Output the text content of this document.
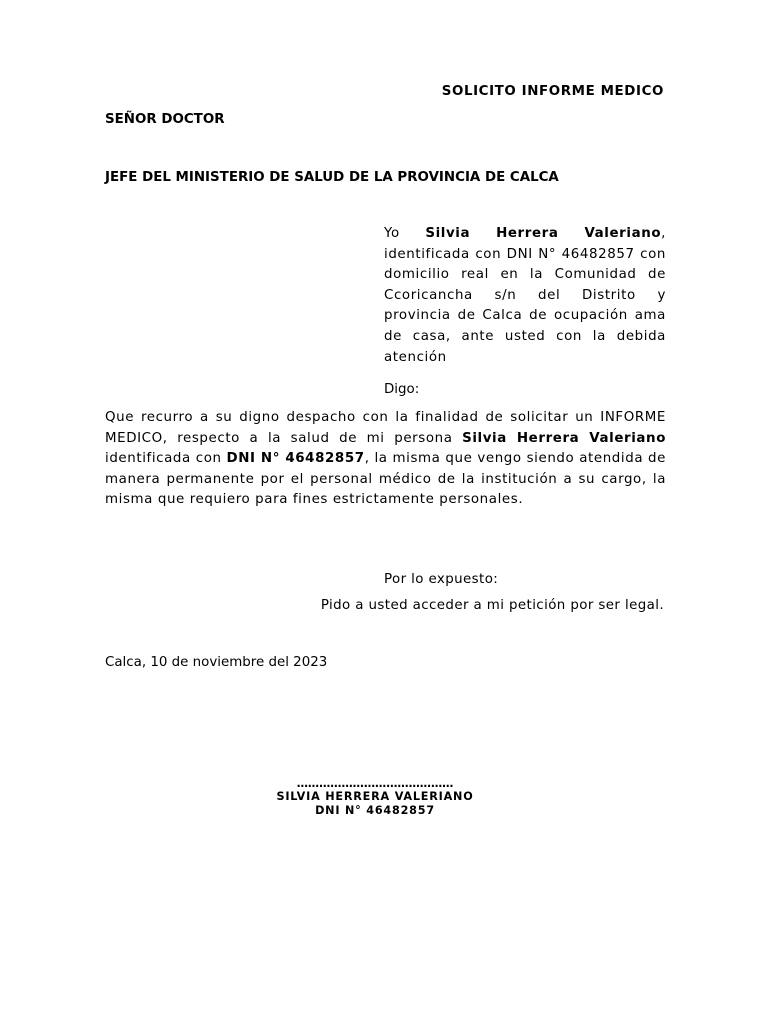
SOLICITO INFORME MEDICO
SEÑOR DOCTOR
JEFE DEL MINISTERIO DE SALUD DE LA PROVINCIA DE CALCA
Yo Silvia Herrera Valeriano, identificada con DNI N° 46482857 con domicilio real en la Comunidad de Ccoricancha s/n del Distrito y provincia de Calca de ocupación ama de casa, ante usted con la debida atención
Digo:
Que recurro a su digno despacho con la finalidad de solicitar un INFORME MEDICO, respecto a la salud de mi persona Silvia Herrera Valeriano identificada con DNI N° 46482857, la misma que vengo siendo atendida de manera permanente por el personal médico de la institución a su cargo, la misma que requiero para fines estrictamente personales.
Por lo expuesto:
Pido a usted acceder a mi petición por ser legal.
Calca, 10 de noviembre del 2023
……………………………………
SILVIA HERRERA VALERIANO
DNI N° 46482857
